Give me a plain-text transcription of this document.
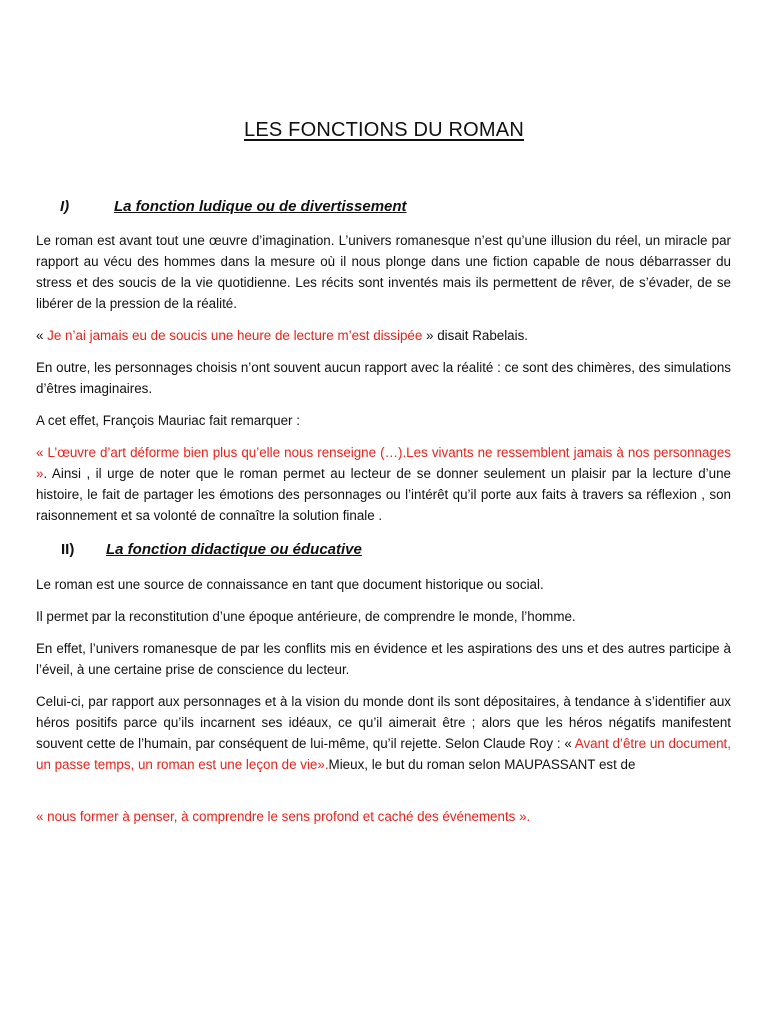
LES FONCTIONS DU ROMAN
I)	La fonction ludique ou de divertissement

Le roman est avant tout une œuvre d’imagination. L’univers romanesque n’est qu’une illusion du réel, un miracle par rapport au vécu des hommes dans la mesure où il nous plonge dans une fiction capable de nous débarrasser du stress et des soucis de la vie quotidienne. Les récits sont inventés mais ils permettent de rêver, de s’évader, de se libérer de la pression de la réalité.

« Je n’ai jamais eu de soucis une heure de lecture m’est dissipée » disait Rabelais.

En outre, les personnages choisis n’ont souvent aucun rapport avec la réalité : ce sont des chimères, des simulations d’êtres imaginaires.

A cet effet, François Mauriac fait remarquer :

« L’œuvre d’art déforme bien plus qu’elle nous renseigne (…).Les vivants ne ressemblent jamais à nos personnages ». Ainsi , il urge de noter que le roman permet au lecteur de se donner seulement un plaisir par la lecture d’une histoire, le fait de partager les émotions des personnages ou l’intérêt qu’il porte aux faits à travers sa réflexion , son raisonnement et sa volonté de connaître la solution finale .

II) La fonction didactique ou éducative

Le roman est une source de connaissance en tant que document historique ou social.

Il permet par la reconstitution d’une époque antérieure, de comprendre le monde, l’homme.

En effet, l’univers romanesque de par les conflits mis en évidence et les aspirations des uns et des autres participe à l’éveil, à une certaine prise de conscience du lecteur.

Celui-ci, par rapport aux personnages et à la vision du monde dont ils sont dépositaires, à tendance à s’identifier aux héros positifs parce qu’ils incarnent ses idéaux, ce qu’il aimerait être ; alors que les héros négatifs manifestent souvent cette de l’humain, par conséquent de lui-même, qu’il rejette. Selon Claude Roy : « Avant d’être un document, un passe temps, un roman est une leçon de vie».Mieux, le but du roman selon MAUPASSANT est de

« nous former à penser, à comprendre le sens profond et caché des événements ».
